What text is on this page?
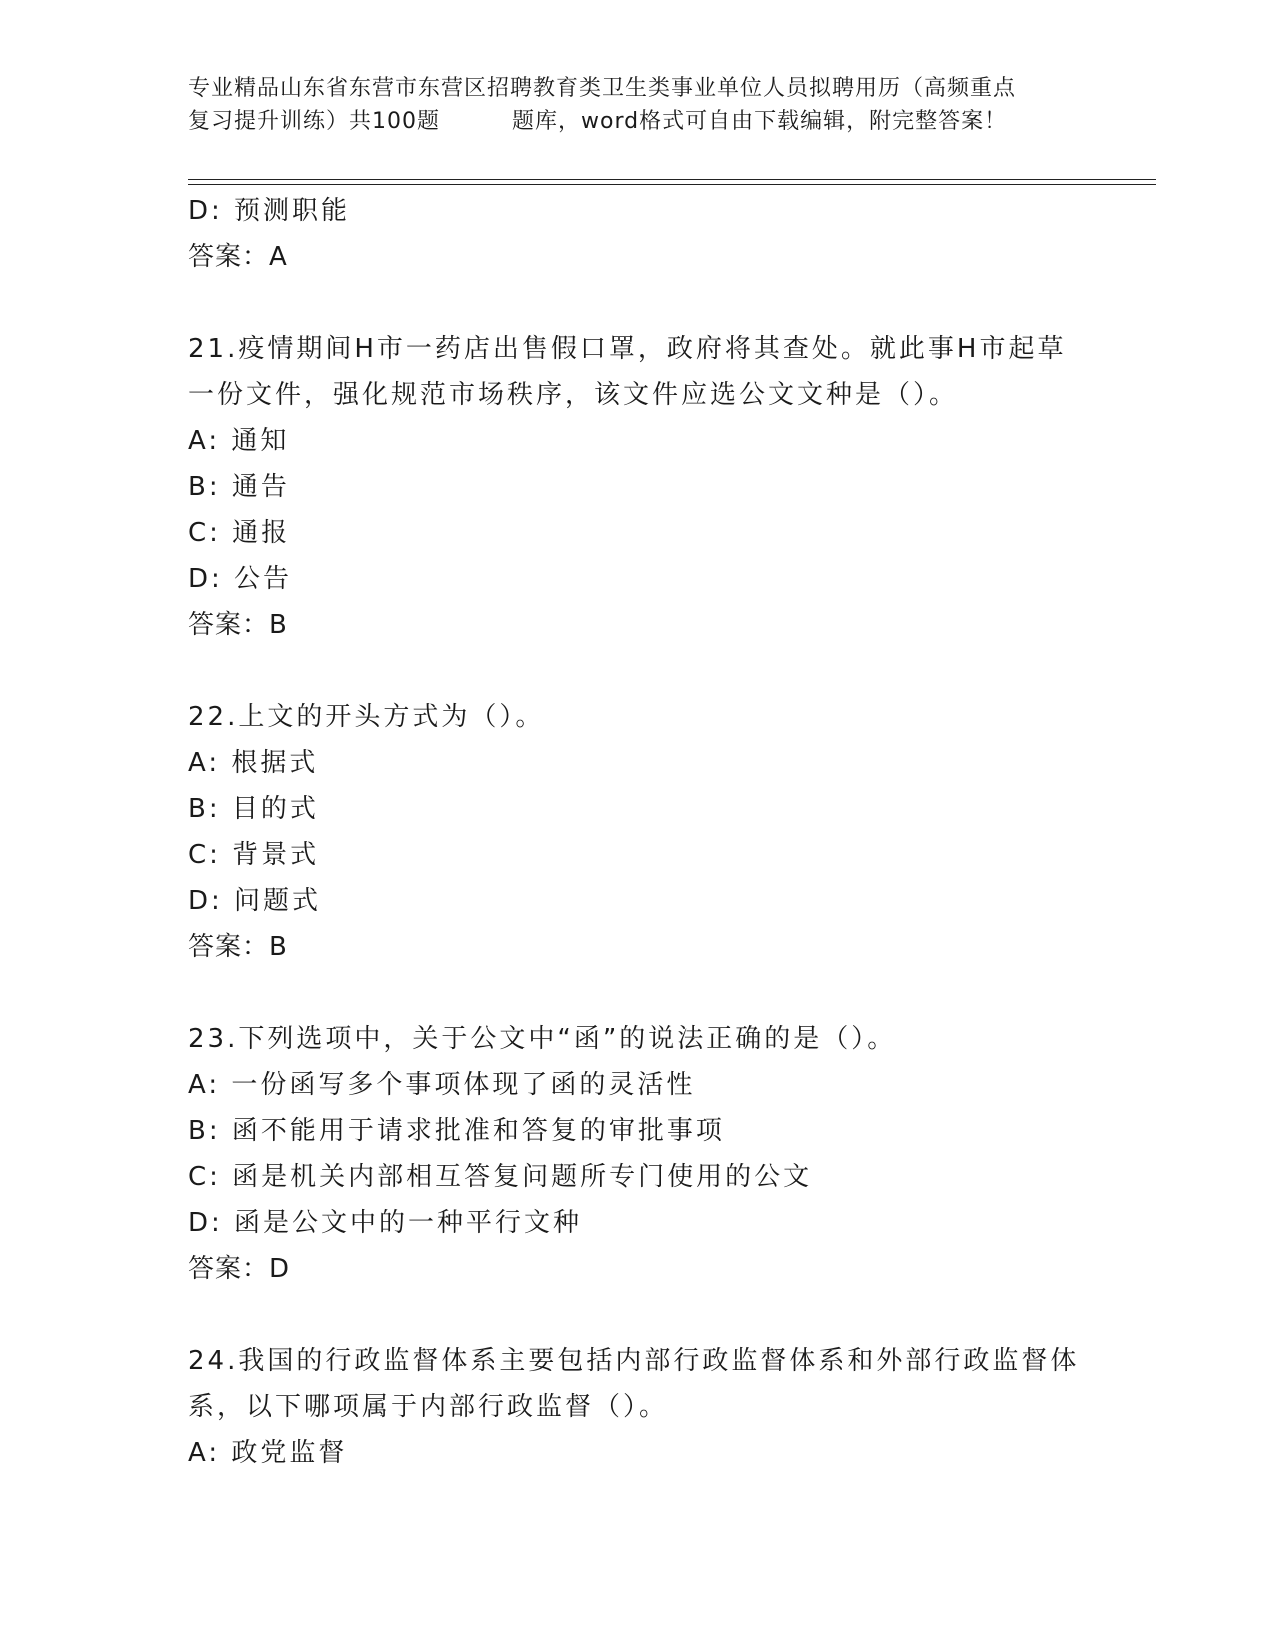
专业精品山东省东营市东营区招聘教育类卫生类事业单位人员拟聘用历（高频重点
复习提升训练）共100题	题库，word格式可自由下载编辑，附完整答案！
D: 预测职能
答案：A
21.疫情期间H市一药店出售假口罩，政府将其查处。就此事H市起草
一份文件，强化规范市场秩序，该文件应选公文文种是（）。
A: 通知
B: 通告
C: 通报
D: 公告
答案：B
22.上文的开头方式为（）。
A: 根据式
B: 目的式
C: 背景式
D: 问题式
答案：B
23.下列选项中，关于公文中“函”的说法正确的是（）。
A: 一份函写多个事项体现了函的灵活性
B: 函不能用于请求批准和答复的审批事项
C: 函是机关内部相互答复问题所专门使用的公文
D: 函是公文中的一种平行文种
答案：D
24.我国的行政监督体系主要包括内部行政监督体系和外部行政监督体
系，以下哪项属于内部行政监督（）。
A: 政党监督
